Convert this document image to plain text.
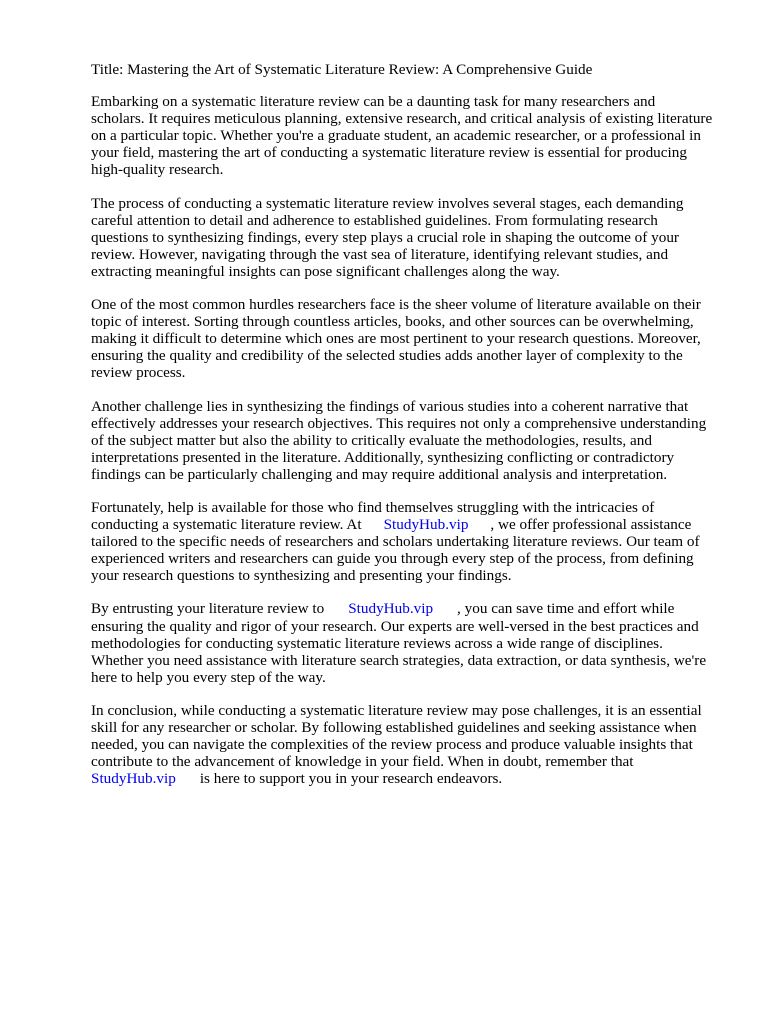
Title: Mastering the Art of Systematic Literature Review: A Comprehensive Guide

Embarking on a systematic literature review can be a daunting task for many researchers and
scholars. It requires meticulous planning, extensive research, and critical analysis of existing literature
on a particular topic. Whether you're a graduate student, an academic researcher, or a professional in
your field, mastering the art of conducting a systematic literature review is essential for producing
high-quality research.

The process of conducting a systematic literature review involves several stages, each demanding
careful attention to detail and adherence to established guidelines. From formulating research
questions to synthesizing findings, every step plays a crucial role in shaping the outcome of your
review. However, navigating through the vast sea of literature, identifying relevant studies, and
extracting meaningful insights can pose significant challenges along the way.

One of the most common hurdles researchers face is the sheer volume of literature available on their
topic of interest. Sorting through countless articles, books, and other sources can be overwhelming,
making it difficult to determine which ones are most pertinent to your research questions. Moreover,
ensuring the quality and credibility of the selected studies adds another layer of complexity to the
review process.

Another challenge lies in synthesizing the findings of various studies into a coherent narrative that
effectively addresses your research objectives. This requires not only a comprehensive understanding
of the subject matter but also the ability to critically evaluate the methodologies, results, and
interpretations presented in the literature. Additionally, synthesizing conflicting or contradictory
findings can be particularly challenging and may require additional analysis and interpretation.

Fortunately, help is available for those who find themselves struggling with the intricacies of
conducting a systematic literature review. At StudyHub.vip , we offer professional assistance
tailored to the specific needs of researchers and scholars undertaking literature reviews. Our team of
experienced writers and researchers can guide you through every step of the process, from defining
your research questions to synthesizing and presenting your findings.

By entrusting your literature review to StudyHub.vip , you can save time and effort while
ensuring the quality and rigor of your research. Our experts are well-versed in the best practices and
methodologies for conducting systematic literature reviews across a wide range of disciplines.
Whether you need assistance with literature search strategies, data extraction, or data synthesis, we're
here to help you every step of the way.

In conclusion, while conducting a systematic literature review may pose challenges, it is an essential
skill for any researcher or scholar. By following established guidelines and seeking assistance when
needed, you can navigate the complexities of the review process and produce valuable insights that
contribute to the advancement of knowledge in your field. When in doubt, remember that
StudyHub.vip is here to support you in your research endeavors.
